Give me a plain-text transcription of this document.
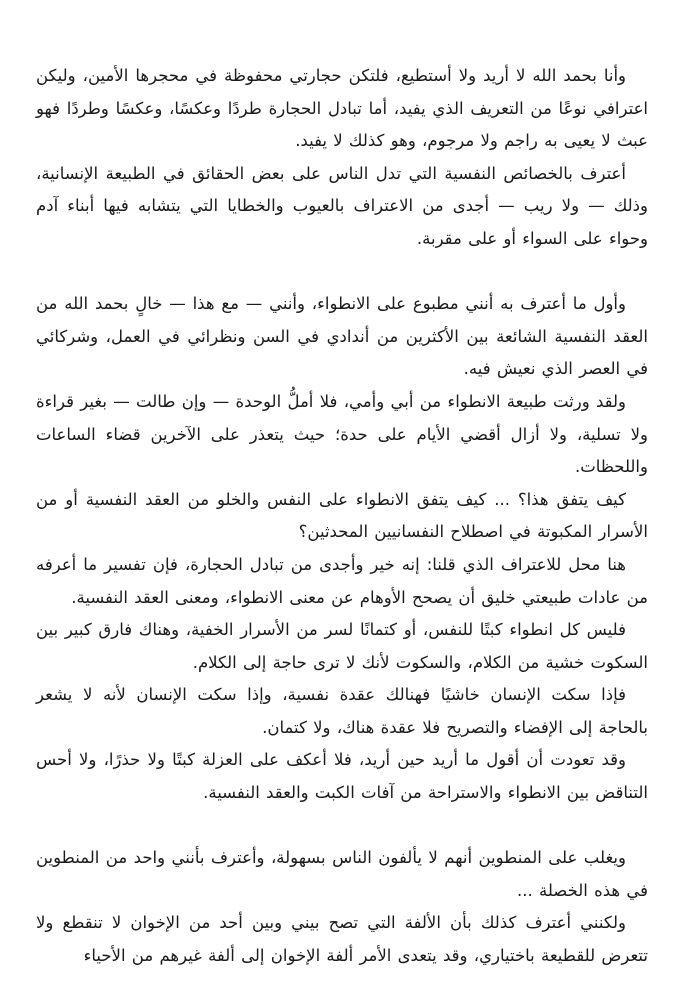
وأنا بحمد الله لا أريد ولا أستطيع، فلتكن حجارتي محفوظة في محجرها الأمين، وليكن اعترافي نوعًا من التعريف الذي يفيد، أما تبادل الحجارة طردًا وعكسًا، وعكسًا وطردًا فهو عبث لا يعيى به راجم ولا مرجوم، وهو كذلك لا يفيد.

أعترف بالخصائص النفسية التي تدل الناس على بعض الحقائق في الطبيعة الإنسانية، وذلك — ولا ريب — أجدى من الاعتراف بالعيوب والخطايا التي يتشابه فيها أبناء آدم وحواء على السواء أو على مقربة.

وأول ما أعترف به أنني مطبوع على الانطواء، وأنني — مع هذا — خالٍ بحمد الله من العقد النفسية الشائعة بين الأكثرين من أندادي في السن ونظرائي في العمل، وشركائي في العصر الذي نعيش فيه.

ولقد ورثت طبيعة الانطواء من أبي وأمي، فلا أملُّ الوحدة — وإن طالت — بغير قراءة ولا تسلية، ولا أزال أقضي الأيام على حدة؛ حيث يتعذر على الآخرين قضاء الساعات واللحظات.

كيف يتفق هذا؟ ... كيف يتفق الانطواء على النفس والخلو من العقد النفسية أو من الأسرار المكبوتة في اصطلاح النفسانيين المحدثين؟

هنا محل للاعتراف الذي قلنا: إنه خير وأجدى من تبادل الحجارة، فإن تفسير ما أعرفه من عادات طبيعتي خليق أن يصحح الأوهام عن معنى الانطواء، ومعنى العقد النفسية.

فليس كل انطواء كبتًا للنفس، أو كتمانًا لسر من الأسرار الخفية، وهناك فارق كبير بين السكوت خشية من الكلام، والسكوت لأنك لا ترى حاجة إلى الكلام.

فإذا سكت الإنسان خاشيًا فهنالك عقدة نفسية، وإذا سكت الإنسان لأنه لا يشعر بالحاجة إلى الإفضاء والتصريح فلا عقدة هناك، ولا كتمان.

وقد تعودت أن أقول ما أريد حين أريد، فلا أعكف على العزلة كبتًا ولا حذرًا، ولا أحس التناقض بين الانطواء والاستراحة من آفات الكبت والعقد النفسية.

ويغلب على المنطوين أنهم لا يألفون الناس بسهولة، وأعترف بأنني واحد من المنطوين في هذه الخصلة ...

ولكنني أعترف كذلك بأن الألفة التي تصح بيني وبين أحد من الإخوان لا تنقطع ولا تتعرض للقطيعة باختياري، وقد يتعدى الأمر ألفة الإخوان إلى ألفة غيرهم من الأحياء
